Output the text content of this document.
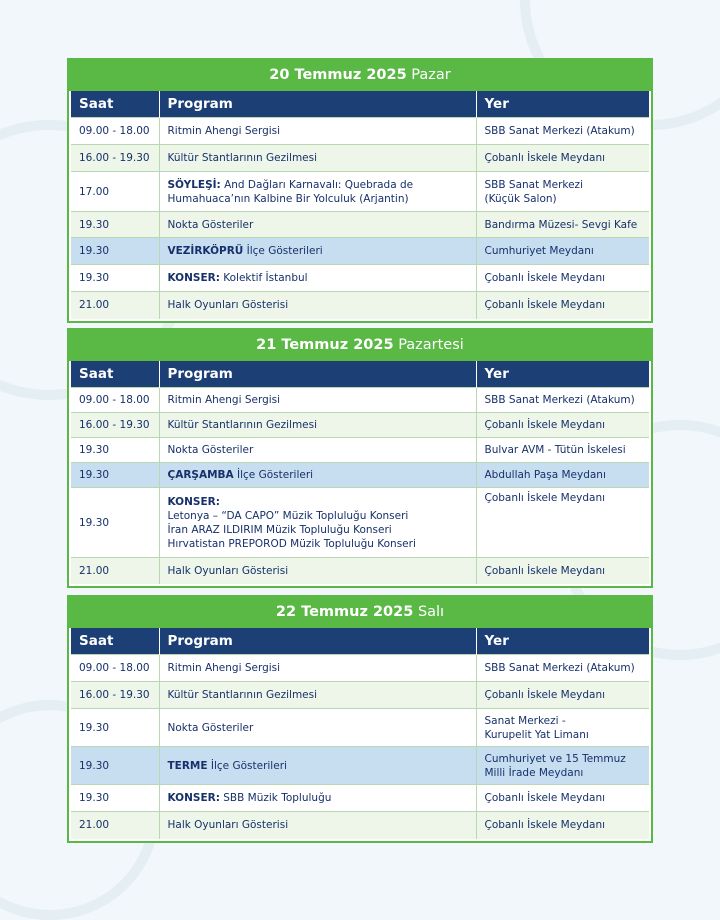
20 Temmuz 2025 Pazar
Saat	Program	Yer
09.00 - 18.00	Ritmin Ahengi Sergisi	SBB Sanat Merkezi (Atakum)
16.00 - 19.30	Kültür Stantlarının Gezilmesi	Çobanlı İskele Meydanı
17.00	SÖYLEŞİ: And Dağları Karnavalı: Quebrada de Humahuaca’nın Kalbine Bir Yolculuk (Arjantin)	SBB Sanat Merkezi
(Küçük Salon)
19.30	Nokta Gösteriler	Bandırma Müzesi- Sevgi Kafe
19.30	VEZİRKÖPRÜ İlçe Gösterileri	Cumhuriyet Meydanı
19.30	KONSER: Kolektif İstanbul	Çobanlı İskele Meydanı
21.00	Halk Oyunları Gösterisi	Çobanlı İskele Meydanı
21 Temmuz 2025 Pazartesi
Saat	Program	Yer
09.00 - 18.00	Ritmin Ahengi Sergisi	SBB Sanat Merkezi (Atakum)
16.00 - 19.30	Kültür Stantlarının Gezilmesi	Çobanlı İskele Meydanı
19.30	Nokta Gösteriler	Bulvar AVM - Tütün İskelesi
19.30	ÇARŞAMBA İlçe Gösterileri	Abdullah Paşa Meydanı
19.30	KONSER:
Letonya – “DA CAPO” Müzik Topluluğu Konseri
İran ARAZ ILDIRIM Müzik Topluluğu Konseri
Hırvatistan PREPOROD Müzik Topluluğu Konseri	Çobanlı İskele Meydanı
21.00	Halk Oyunları Gösterisi	Çobanlı İskele Meydanı
22 Temmuz 2025 Salı
Saat	Program	Yer
09.00 - 18.00	Ritmin Ahengi Sergisi	SBB Sanat Merkezi (Atakum)
16.00 - 19.30	Kültür Stantlarının Gezilmesi	Çobanlı İskele Meydanı
19.30	Nokta Gösteriler	Sanat Merkezi -
Kurupelit Yat Limanı
19.30	TERME İlçe Gösterileri	Cumhuriyet ve 15 Temmuz
Milli İrade Meydanı
19.30	KONSER: SBB Müzik Topluluğu	Çobanlı İskele Meydanı
21.00	Halk Oyunları Gösterisi	Çobanlı İskele Meydanı
